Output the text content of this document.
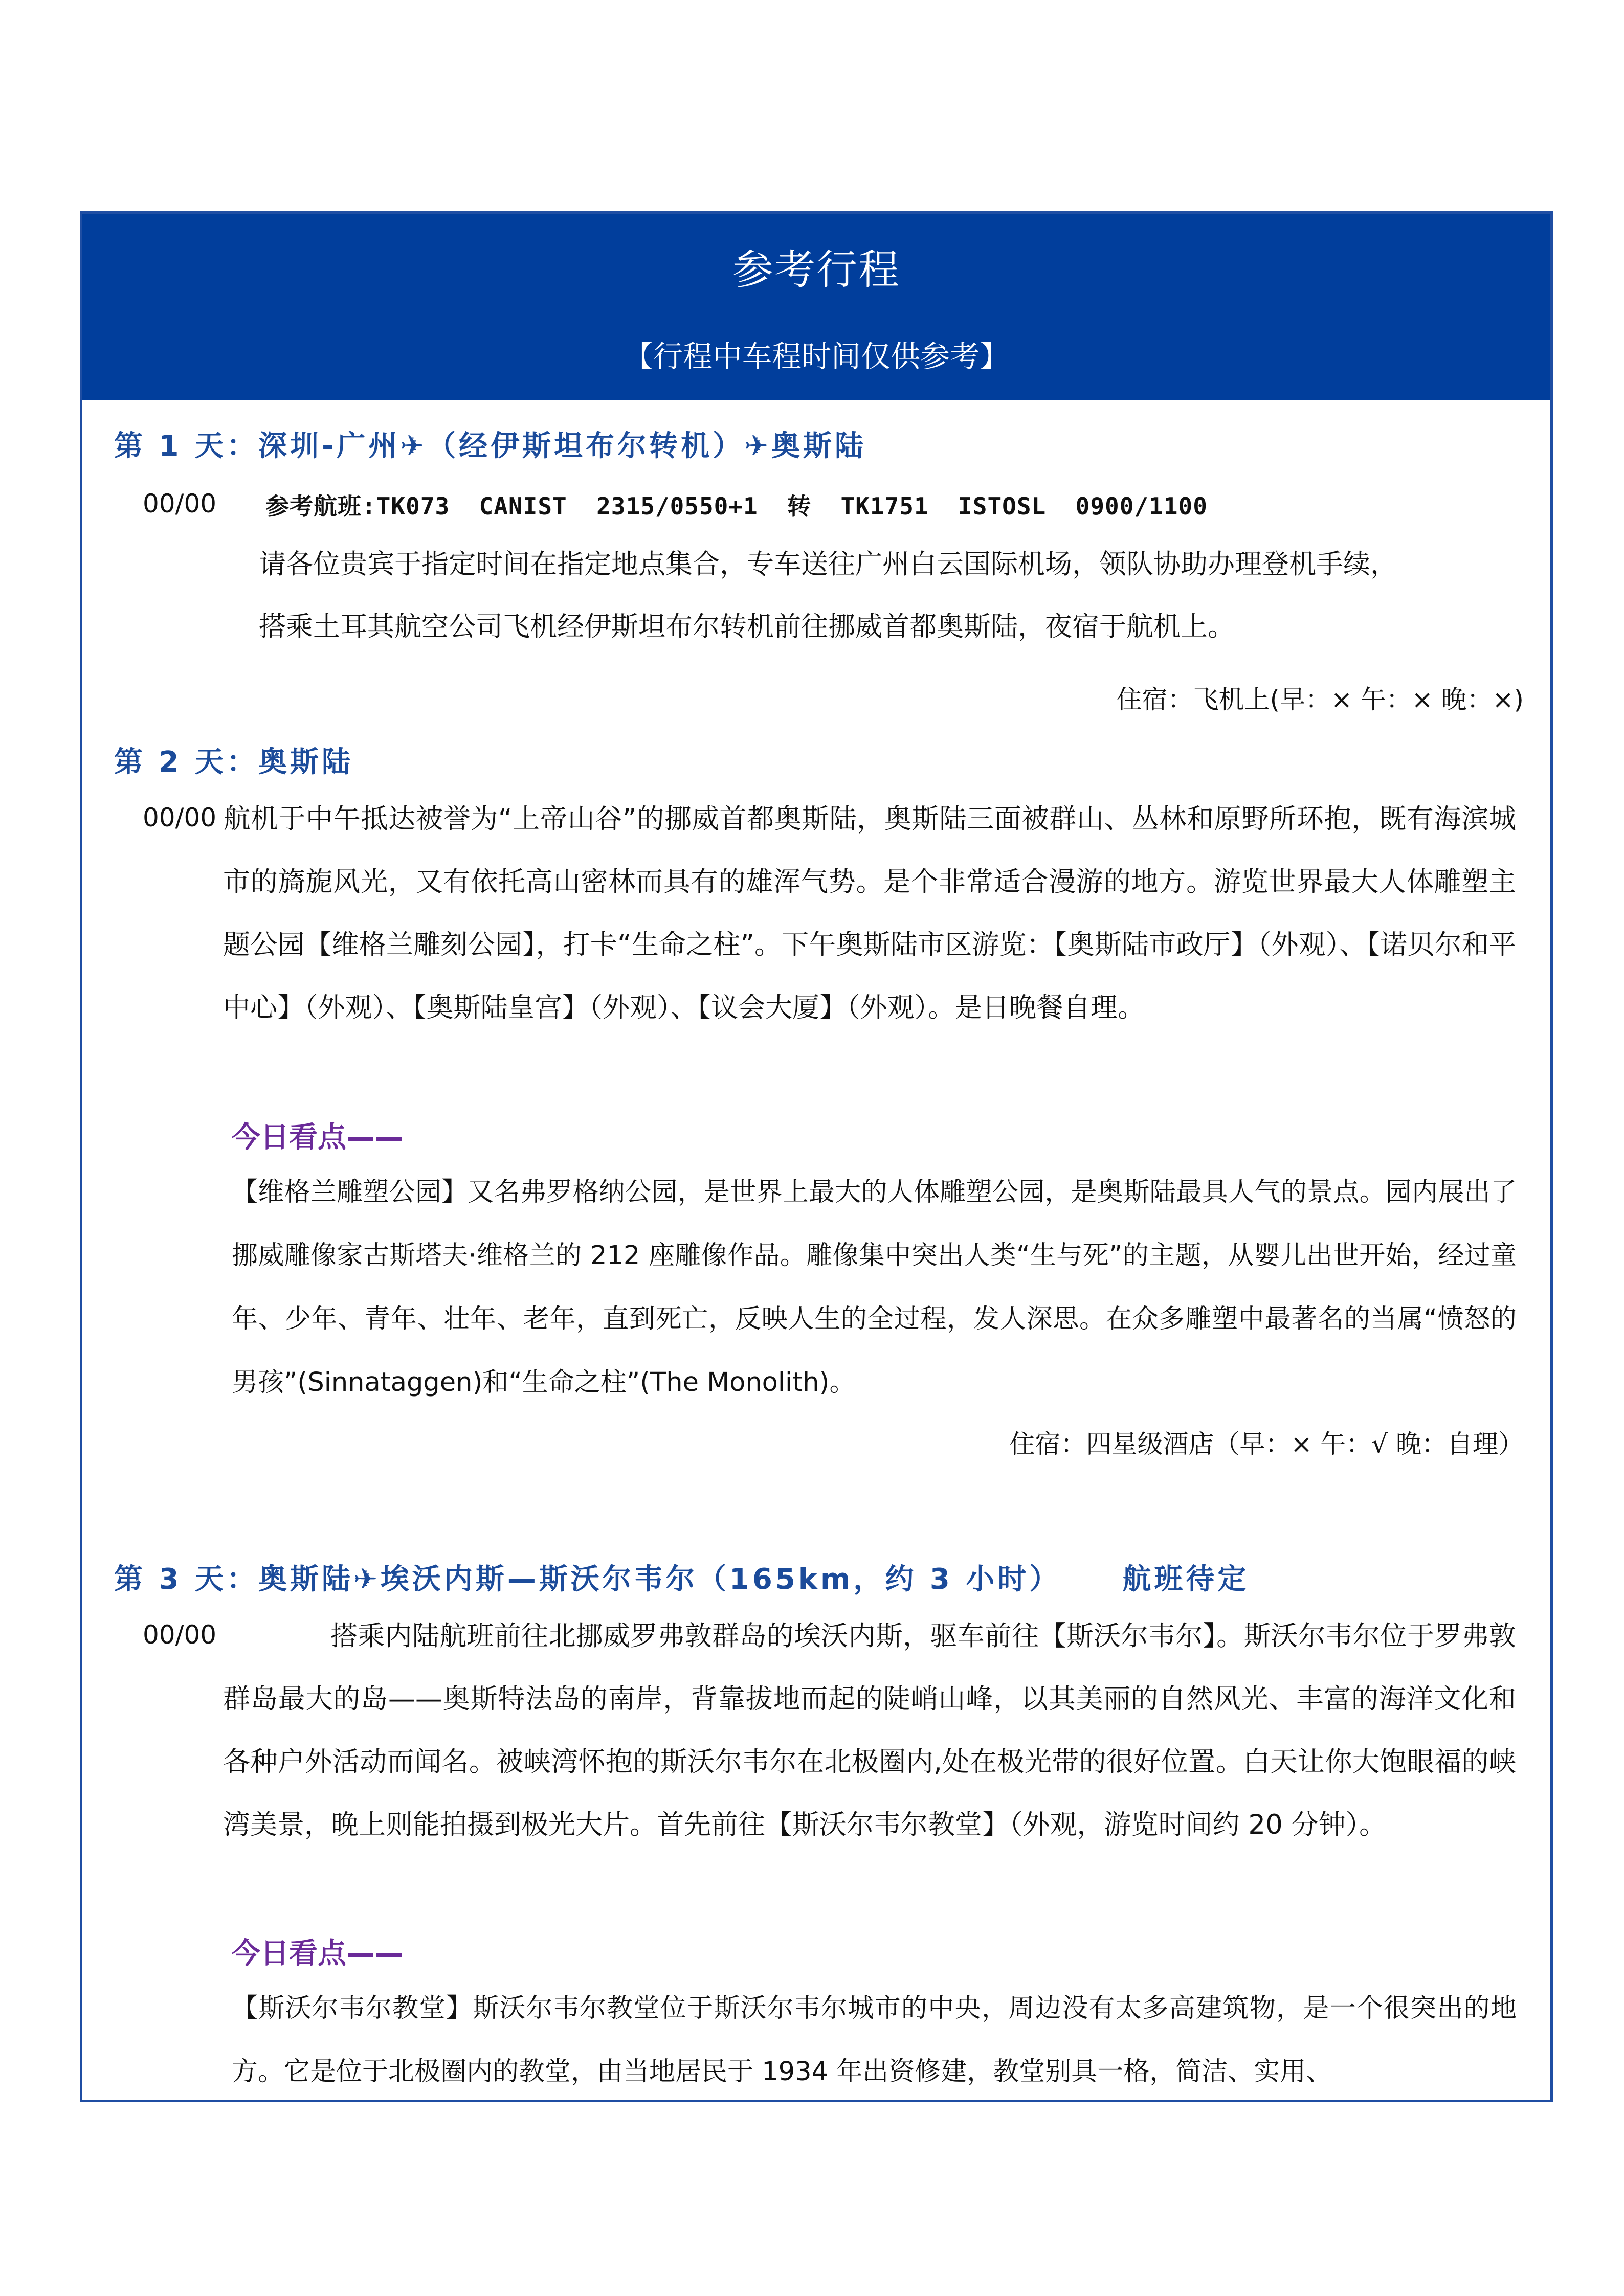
参考行程
【行程中车程时间仅供参考】
第 1 天：深圳-广州✈（经伊斯坦布尔转机）✈奥斯陆
00/00 参考航班:TK073  CANIST  2315/0550+1  转  TK1751  ISTOSL  0900/1100
请各位贵宾于指定时间在指定地点集合，专车送往广州白云国际机场，领队协助办理登机手续，
搭乘土耳其航空公司飞机经伊斯坦布尔转机前往挪威首都奥斯陆，夜宿于航机上。
住宿：飞机上(早：× 午：× 晚：×)
第 2 天：奥斯陆
00/00 航机于中午抵达被誉为“上帝山谷”的挪威首都奥斯陆，奥斯陆三面被群山、丛林和原野所环抱，既有海滨城市的旖旎风光，又有依托高山密林而具有的雄浑气势。是个非常适合漫游的地方。游览世界最大人体雕塑主题公园【维格兰雕刻公园】，打卡“生命之柱”。下午奥斯陆市区游览：【奥斯陆市政厅】（外观）、【诺贝尔和平中心】（外观）、【奥斯陆皇宫】（外观）、【议会大厦】（外观）。是日晚餐自理。
今日看点——
【维格兰雕塑公园】又名弗罗格纳公园，是世界上最大的人体雕塑公园，是奥斯陆最具人气的景点。园内展出了挪威雕像家古斯塔夫·维格兰的 212 座雕像作品。雕像集中突出人类“生与死”的主题，从婴儿出世开始，经过童年、少年、青年、壮年、老年，直到死亡，反映人生的全过程，发人深思。在众多雕塑中最著名的当属“愤怒的男孩”(Sinnataggen)和“生命之柱”(The Monolith)。
住宿：四星级酒店（早：× 午：√ 晚：自理）
第 3 天：奥斯陆✈埃沃内斯—斯沃尔韦尔（165km，约 3 小时） 航班待定
00/00	搭乘内陆航班前往北挪威罗弗敦群岛的埃沃内斯，驱车前往【斯沃尔韦尔】。斯沃尔韦尔位于罗弗敦群岛最大的岛——奥斯特法岛的南岸，背靠拔地而起的陡峭山峰，以其美丽的自然风光、丰富的海洋文化和各种户外活动而闻名。被峡湾怀抱的斯沃尔韦尔在北极圈内,处在极光带的很好位置。白天让你大饱眼福的峡湾美景，晚上则能拍摄到极光大片。首先前往【斯沃尔韦尔教堂】（外观，游览时间约 20 分钟）。
今日看点——
【斯沃尔韦尔教堂】斯沃尔韦尔教堂位于斯沃尔韦尔城市的中央，周边没有太多高建筑物，是一个很突出的地方。它是位于北极圈内的教堂，由当地居民于 1934 年出资修建，教堂别具一格，简洁、实用、
